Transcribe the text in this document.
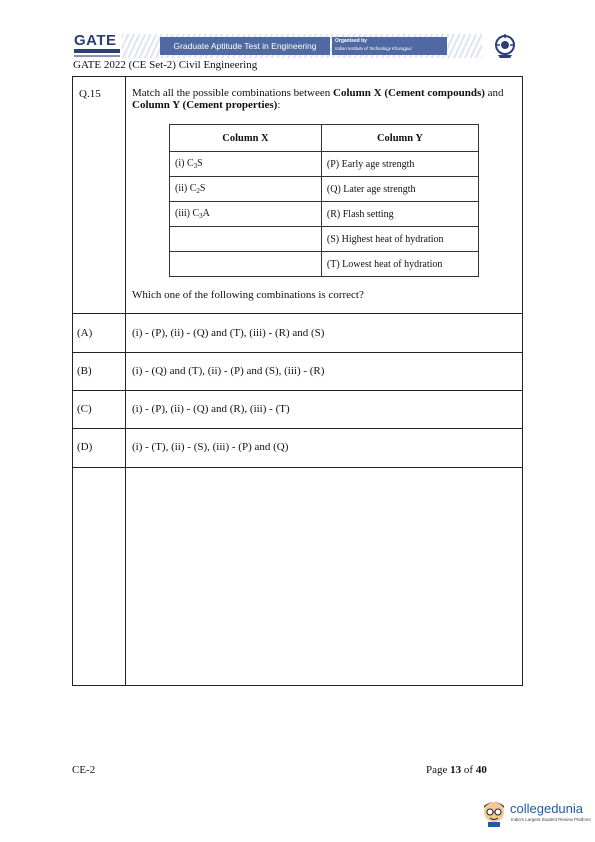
GATE	Graduate Aptitude Test in Engineering	Organised by
Indian Institute of Technology Kharagpur
GATE 2022 (CE Set-2) Civil Engineering
Q.15	Match all the possible combinations between Column X (Cement compounds) and Column Y (Cement properties):
Column X	Column Y
(i) $C_3S$	(P) Early age strength
(ii) $C_2S$	(Q) Later age strength
(iii) $C_3A$	(R) Flash setting
	(S) Highest heat of hydration
	(T) Lowest heat of hydration
Which one of the following combinations is correct?
(A)	(i) - (P), (ii) - (Q) and (T), (iii) - (R) and (S)
(B)	(i) - (Q) and (T), (ii) - (P) and (S), (iii) - (R)
(C)	(i) - (P), (ii) - (Q) and (R), (iii) - (T)
(D)	(i) - (T), (ii) - (S), (iii) - (P) and (Q)
CE-2	Page 13 of 40
collegedunia
India's Largest Student Review Platform
